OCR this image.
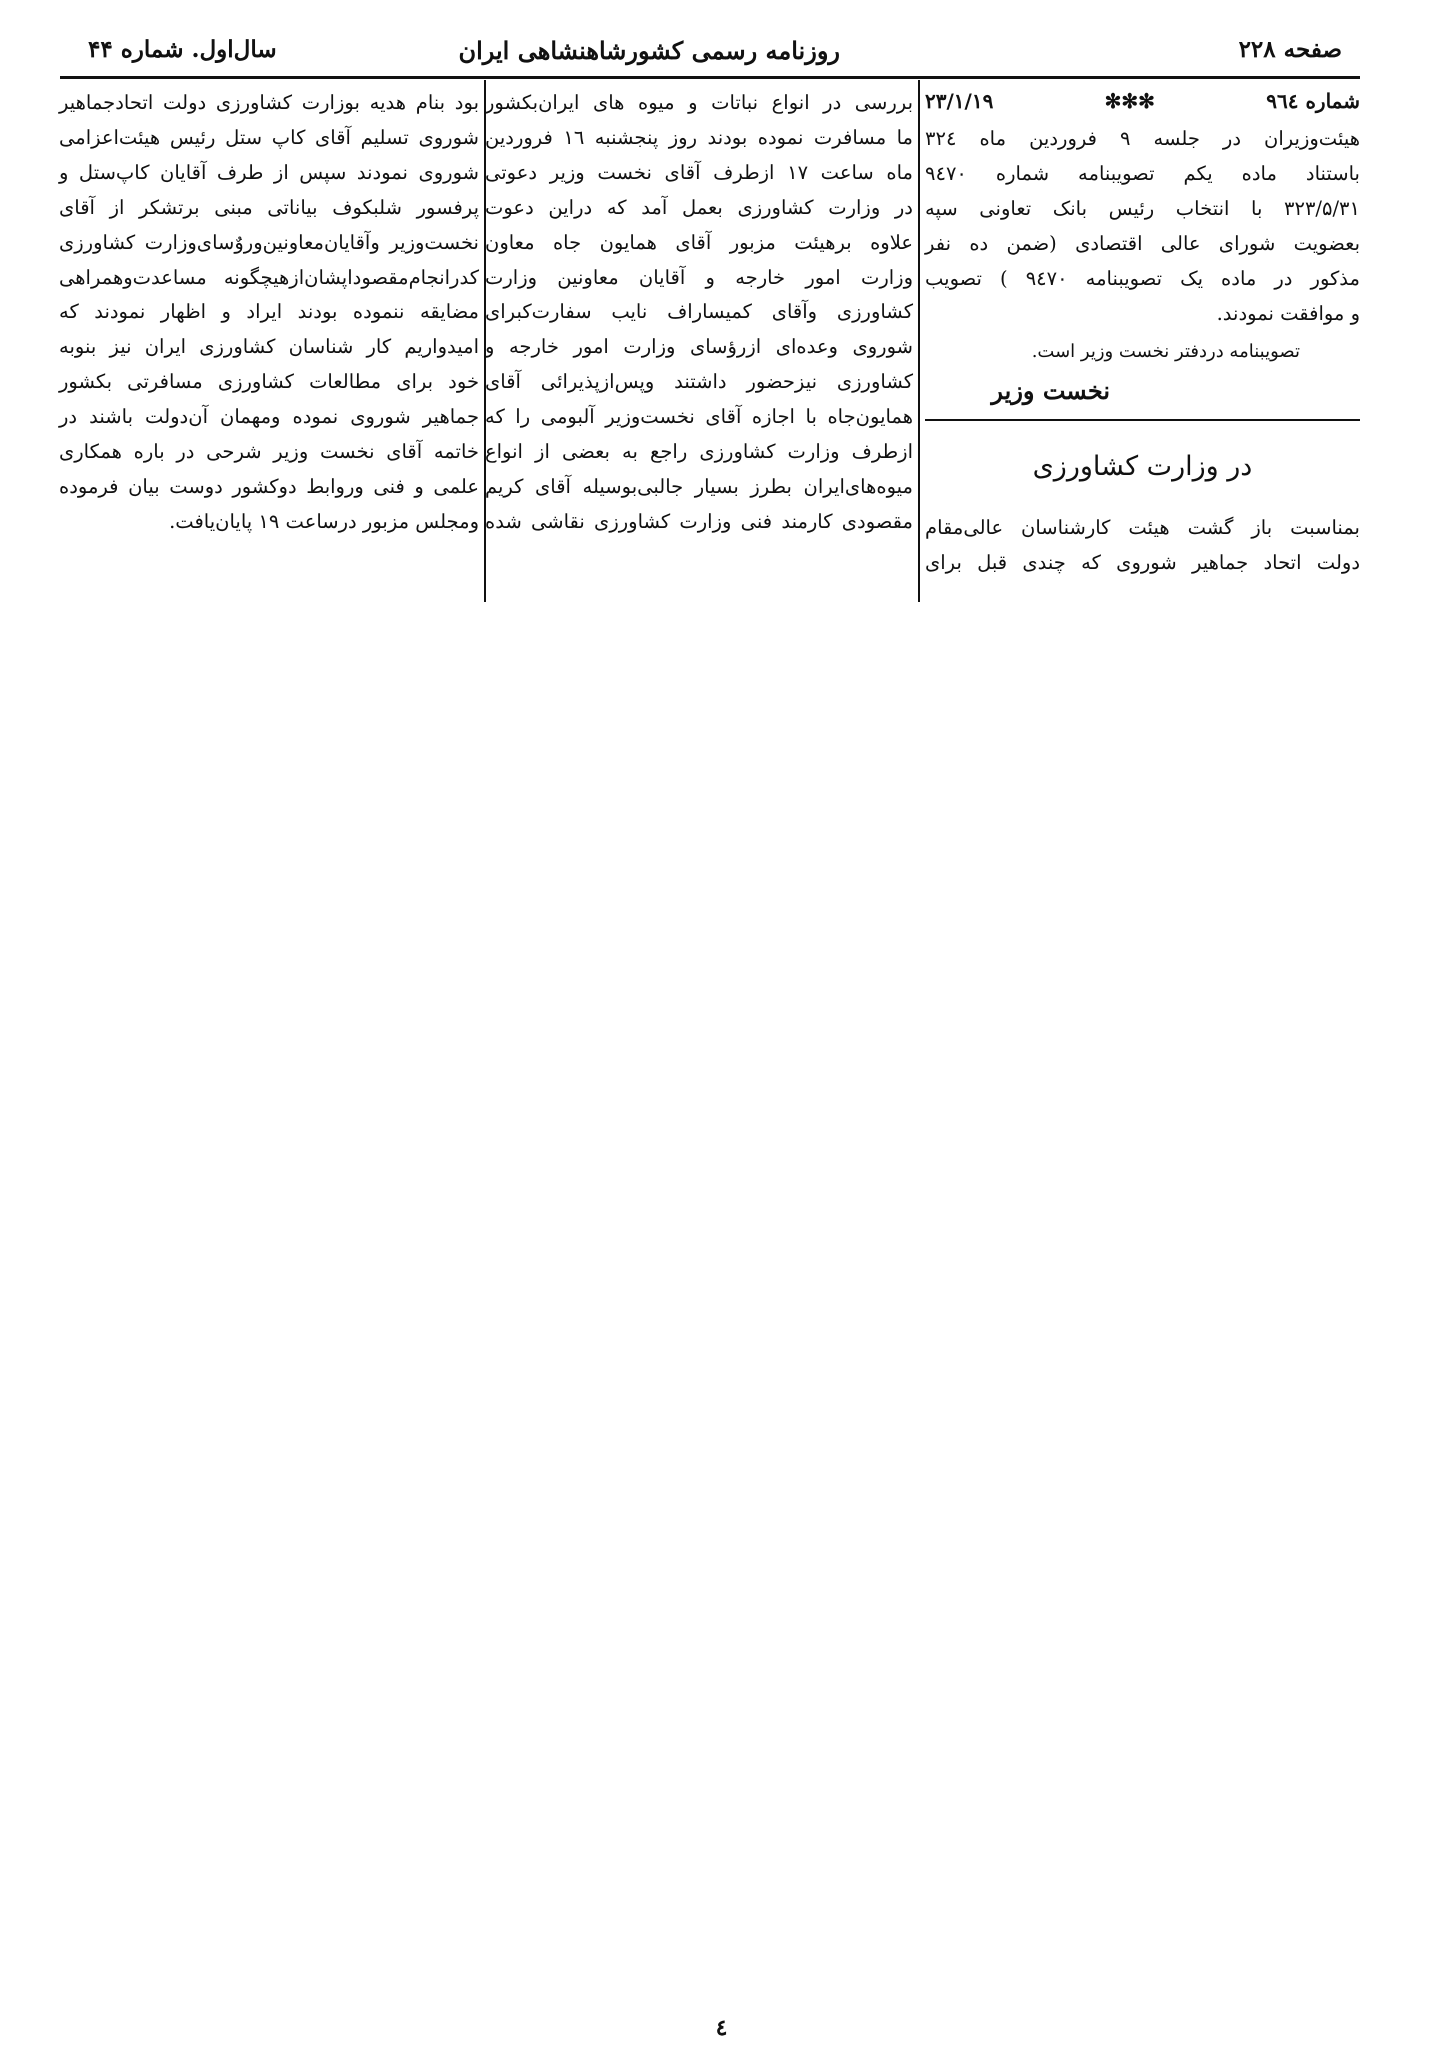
صفحه ۲۲۸
روزنامه رسمی کشورشاهنشاهی ایران
سال‌اول. شماره ۴۴
شماره ۹٦٤
✻✻✻
۲۳/۱/۱۹

هیئت‌وزیران در جلسه ۹ فروردین ماه ۳۲٤
باستناد ماده یکم تصویبنامه شماره ۹٤۷۰
۳۲۳/۵/۳۱ با انتخاب رئیس بانک تعاونی سپه
بعضویت شورای عالی اقتصادی (ضمن ده نفر
مذکور در ماده یک تصویبنامه ۹٤۷۰ ) تصویب
و موافقت نمودند.

تصویبنامه دردفتر نخست وزیر است.

نخست وزیر

در وزارت کشاورزی

بمناسبت باز گشت هیئت کارشناسان عالی‌مقام
دولت اتحاد جماهیر شوروی که چندی قبل برای

بررسی در انواع نباتات و میوه های ایران‌بکشور
ما مسافرت نموده بودند روز پنجشنبه ۱٦ فروردین
ماه ساعت ۱۷ ازطرف آقای نخست وزیر دعوتی
در وزارت کشاورزی بعمل آمد که دراین دعوت
علاوه برهیئت مزبور آقای همایون جاه معاون
وزارت امور خارجه و آقایان معاونین وزارت
کشاورزی وآقای کمیساراف نایب سفارت‌کبرای
شوروی وعده‌ای ازرؤسای وزارت امور خارجه و
کشاورزی نیزحضور داشتند وپس‌ازپذیرائی آقای
همایون‌جاه با اجازه آقای نخست‌وزیر آلبومی را که
ازطرف وزارت کشاورزی راجع به بعضی از انواع
میوه‌های‌ایران بطرز بسیار جالبی‌بوسیله آقای کریم
مقصودی کارمند فنی وزارت کشاورزی نقاشی شده

بود بنام هدیه بوزارت کشاورزی دولت اتحادجماهیر
شوروی تسلیم آقای کاپ ستل رئیس هیئت‌اعزامی
شوروی نمودند سپس از طرف آقایان کاپ‌ستل و
پرفسور شلبکوف بیاناتی مبنی برتشکر از آقای
نخست‌وزیر وآقایان‌معاونین‌وروٌسای‌وزارت کشاورزی
کدرانجام‌مقصوداپشان‌ازهیچگونه مساعدت‌وهمراهی
مضایقه ننموده بودند ایراد و اظهار نمودند که
امیدواریم کار شناسان کشاورزی ایران نیز بنوبه
خود برای مطالعات کشاورزی مسافرتی بکشور
جماهیر شوروی نموده ومهمان آن‌دولت باشند در
خاتمه آقای نخست وزیر شرحی در باره همکاری
علمی و فنی وروابط دوکشور دوست بیان فرموده
ومجلس مزبور درساعت ۱۹ پایان‌یافت.

٤
